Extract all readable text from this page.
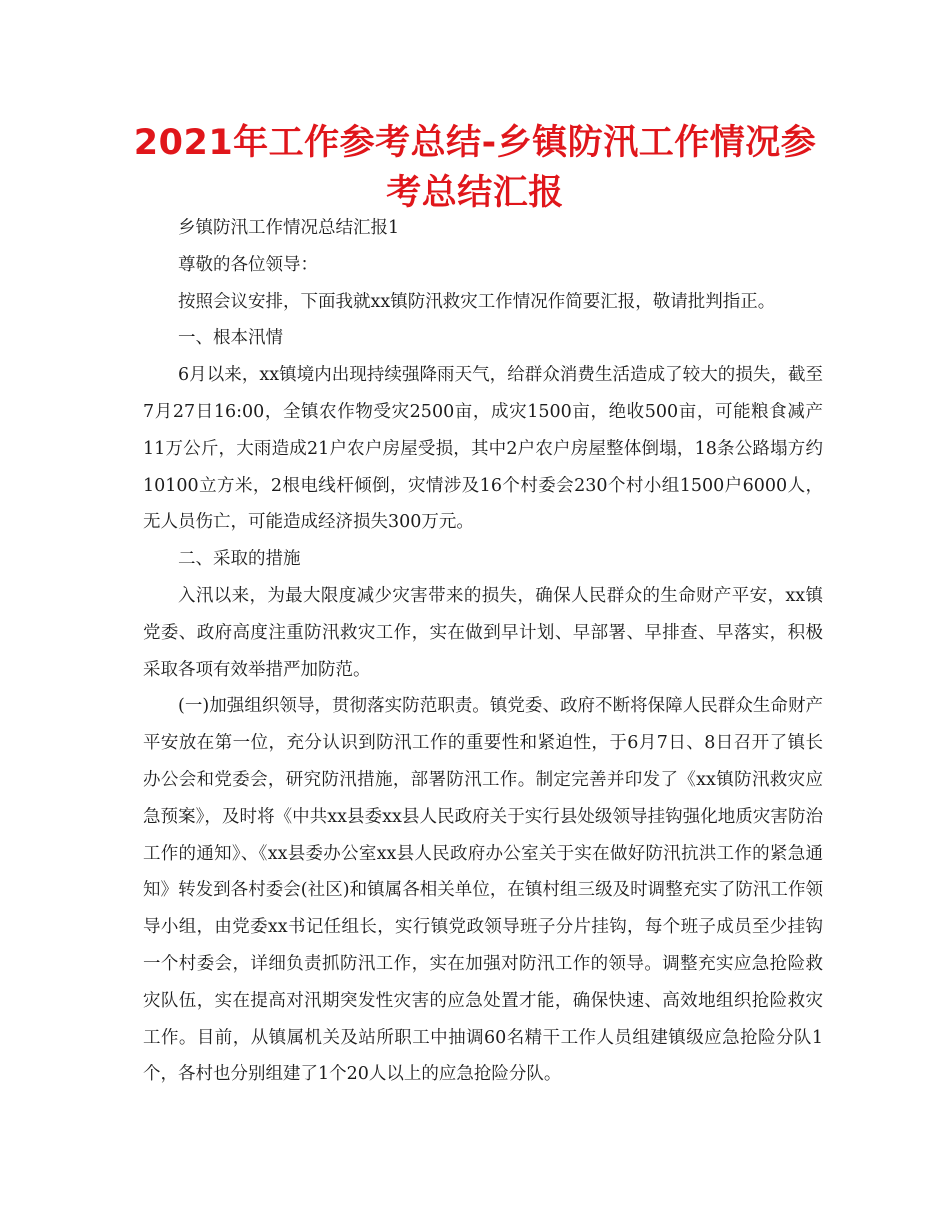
2021年工作参考总结-乡镇防汛工作情况参考总结汇报

乡镇防汛工作情况总结汇报1

尊敬的各位领导：

按照会议安排，下面我就xx镇防汛救灾工作情况作简要汇报，敬请批判指正。

一、根本汛情

6月以来，xx镇境内出现持续强降雨天气，给群众消费生活造成了较大的损失，截至7月27日16:00，全镇农作物受灾2500亩，成灾1500亩，绝收500亩，可能粮食减产11万公斤，大雨造成21户农户房屋受损，其中2户农户房屋整体倒塌，18条公路塌方约10100立方米，2根电线杆倾倒，灾情涉及16个村委会230个村小组1500户6000人，无人员伤亡，可能造成经济损失300万元。

二、采取的措施

入汛以来，为最大限度减少灾害带来的损失，确保人民群众的生命财产平安，xx镇党委、政府高度注重防汛救灾工作，实在做到早计划、早部署、早排查、早落实，积极采取各项有效举措严加防范。

(一)加强组织领导，贯彻落实防范职责。镇党委、政府不断将保障人民群众生命财产平安放在第一位，充分认识到防汛工作的重要性和紧迫性，于6月7日、8日召开了镇长办公会和党委会，研究防汛措施，部署防汛工作。制定完善并印发了《xx镇防汛救灾应急预案》，及时将《中共xx县委xx县人民政府关于实行县处级领导挂钩强化地质灾害防治工作的通知》、《xx县委办公室xx县人民政府办公室关于实在做好防汛抗洪工作的紧急通知》转发到各村委会(社区)和镇属各相关单位，在镇村组三级及时调整充实了防汛工作领导小组，由党委xx书记任组长，实行镇党政领导班子分片挂钩，每个班子成员至少挂钩一个村委会，详细负责抓防汛工作，实在加强对防汛工作的领导。调整充实应急抢险救灾队伍，实在提高对汛期突发性灾害的应急处置才能，确保快速、高效地组织抢险救灾工作。目前，从镇属机关及站所职工中抽调60名精干工作人员组建镇级应急抢险分队1个，各村也分别组建了1个20人以上的应急抢险分队。
